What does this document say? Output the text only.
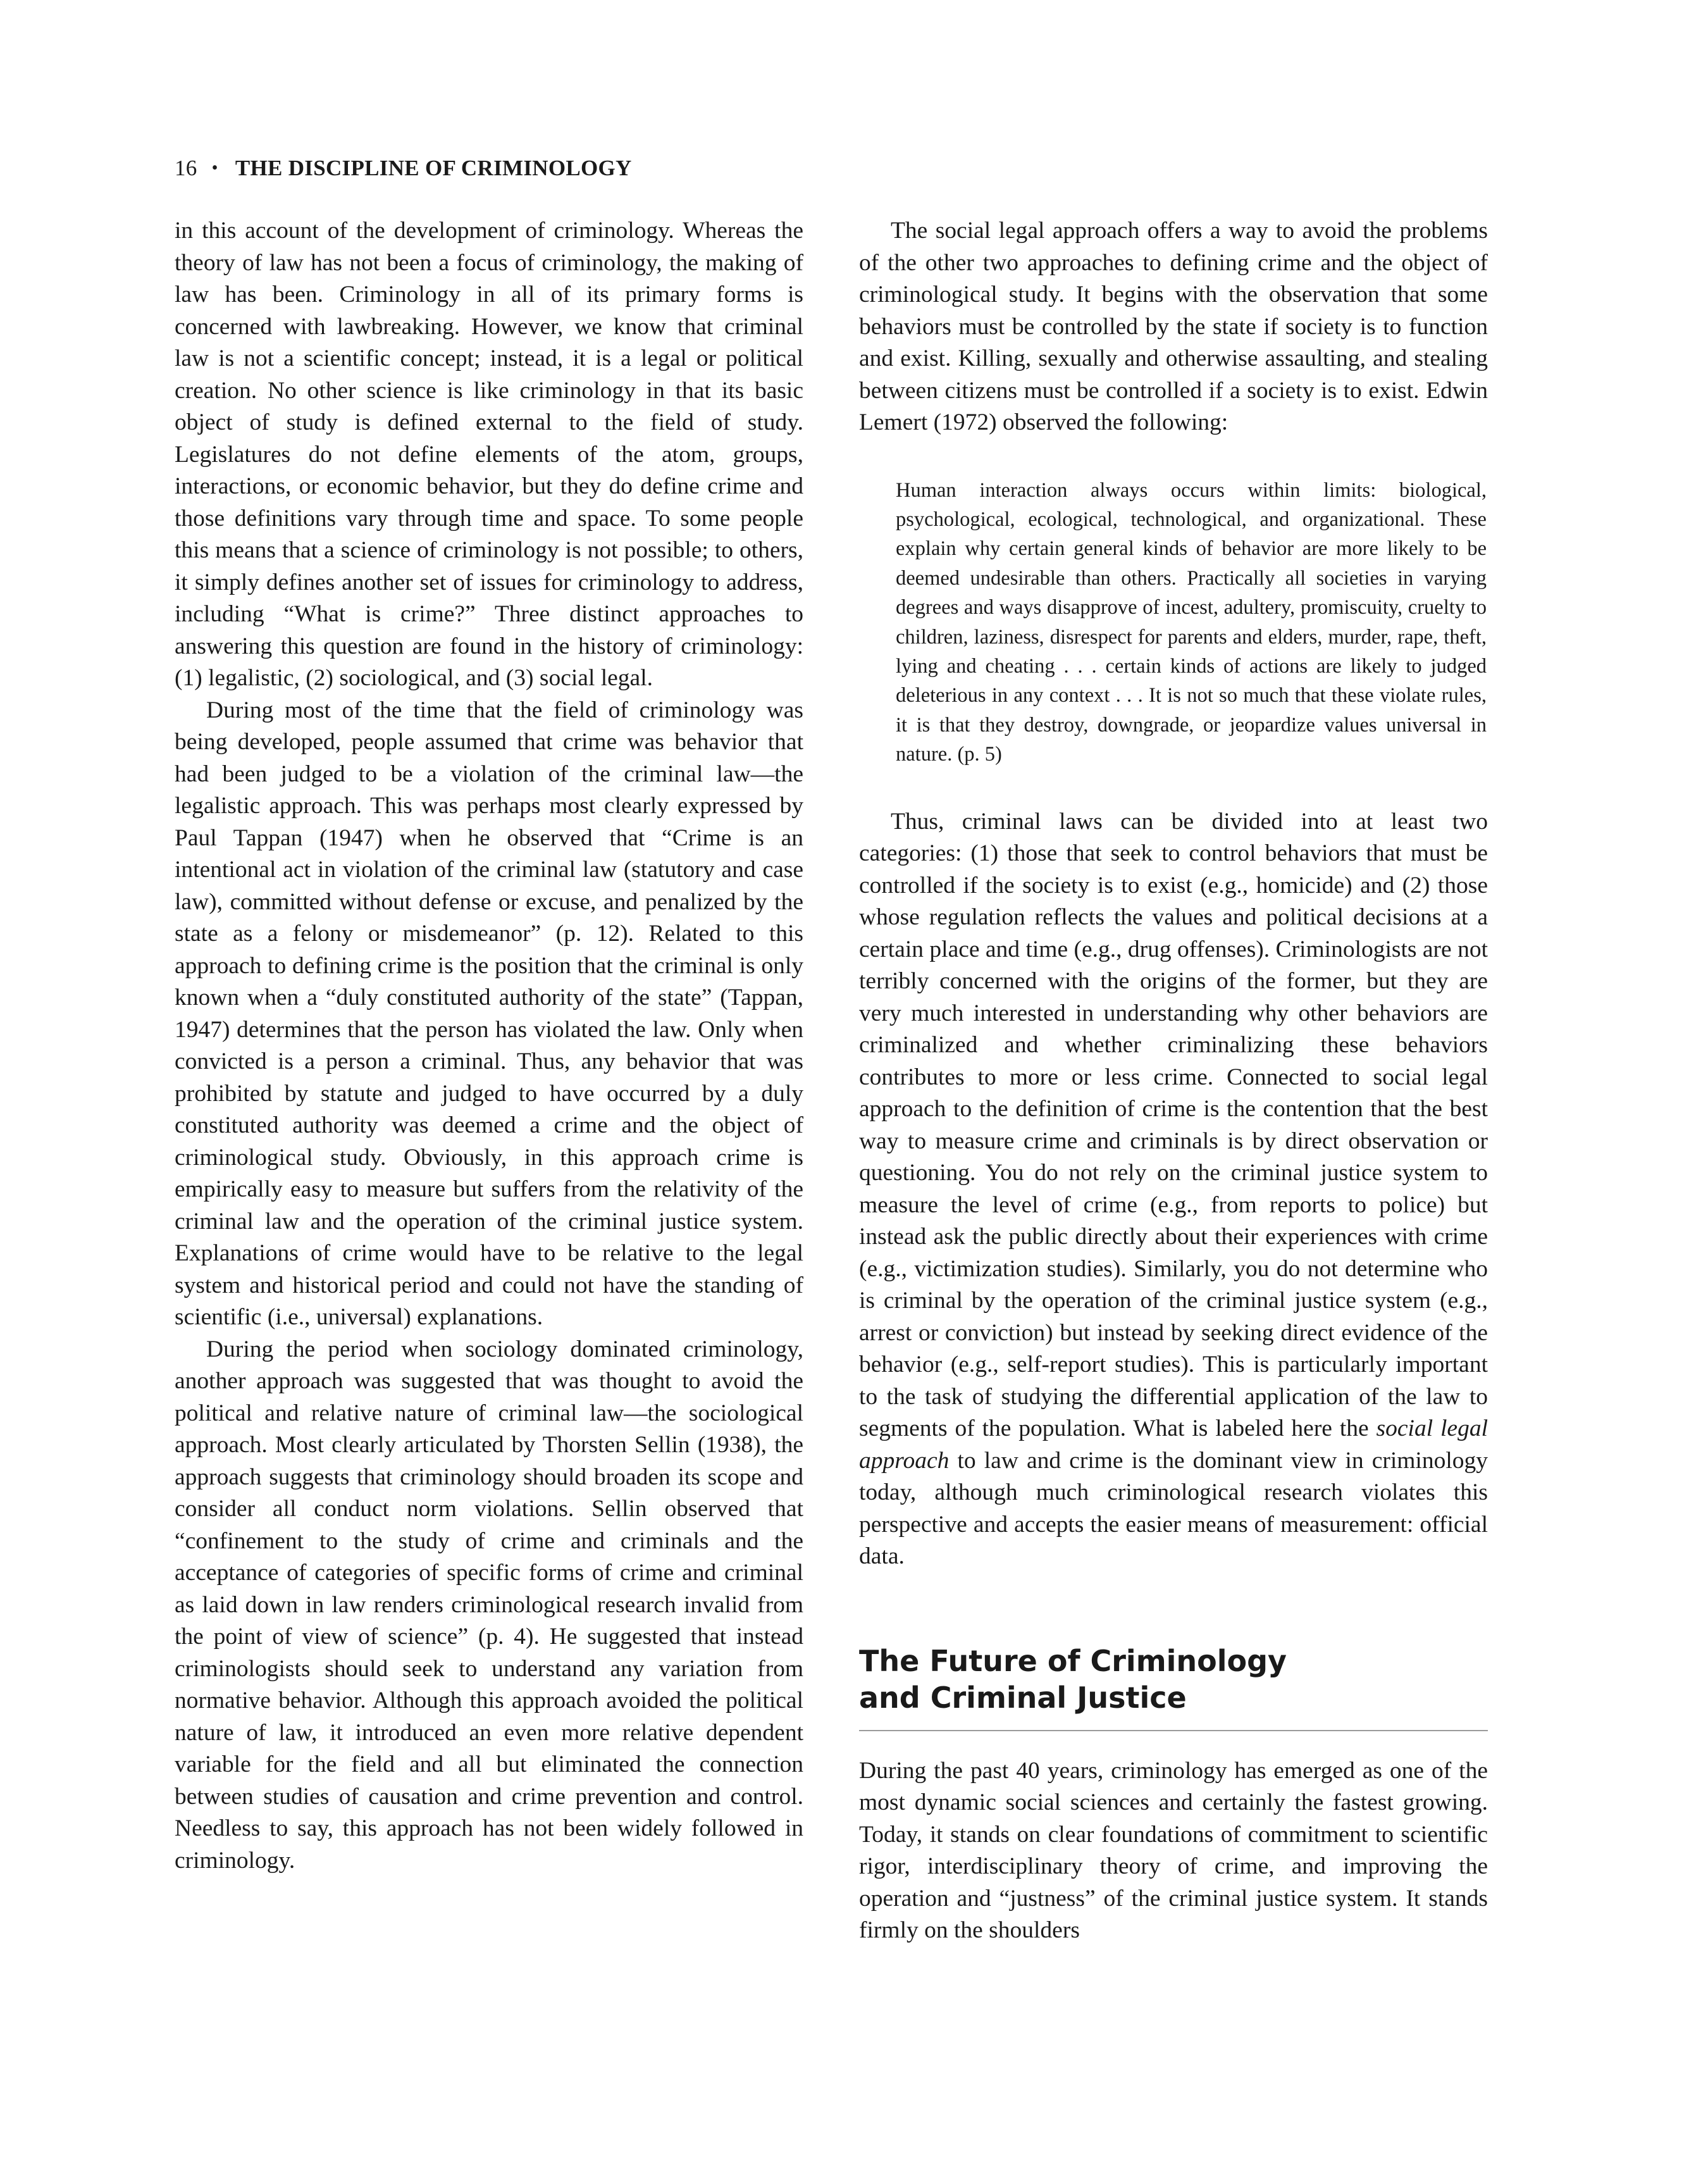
16 • THE DISCIPLINE OF CRIMINOLOGY

in this account of the development of criminology. Whereas the theory of law has not been a focus of criminology, the making of law has been. Criminology in all of its primary forms is concerned with lawbreaking. However, we know that criminal law is not a scientific concept; instead, it is a legal or political creation. No other science is like criminology in that its basic object of study is defined external to the field of study. Legislatures do not define elements of the atom, groups, interactions, or economic behavior, but they do define crime and those definitions vary through time and space. To some people this means that a science of criminology is not possible; to others, it simply defines another set of issues for criminology to address, including “What is crime?” Three distinct approaches to answering this question are found in the history of criminology: (1) legalistic, (2) sociological, and (3) social legal.

During most of the time that the field of criminology was being developed, people assumed that crime was behavior that had been judged to be a violation of the criminal law—the legalistic approach. This was perhaps most clearly expressed by Paul Tappan (1947) when he observed that “Crime is an intentional act in violation of the criminal law (statutory and case law), committed without defense or excuse, and penalized by the state as a felony or misdemeanor” (p. 12). Related to this approach to defining crime is the position that the criminal is only known when a “duly constituted authority of the state” (Tappan, 1947) determines that the person has violated the law. Only when convicted is a person a criminal. Thus, any behavior that was prohibited by statute and judged to have occurred by a duly constituted authority was deemed a crime and the object of criminological study. Obviously, in this approach crime is empirically easy to measure but suffers from the relativity of the criminal law and the operation of the criminal justice system. Explanations of crime would have to be relative to the legal system and historical period and could not have the standing of scientific (i.e., universal) explanations.

During the period when sociology dominated criminology, another approach was suggested that was thought to avoid the political and relative nature of criminal law—the sociological approach. Most clearly articulated by Thorsten Sellin (1938), the approach suggests that criminology should broaden its scope and consider all conduct norm violations. Sellin observed that “confinement to the study of crime and criminals and the acceptance of categories of specific forms of crime and criminal as laid down in law renders criminological research invalid from the point of view of science” (p. 4). He suggested that instead criminologists should seek to understand any variation from normative behavior. Although this approach avoided the political nature of law, it introduced an even more relative dependent variable for the field and all but eliminated the connection between studies of causation and crime prevention and control. Needless to say, this approach has not been widely followed in criminology.

The social legal approach offers a way to avoid the problems of the other two approaches to defining crime and the object of criminological study. It begins with the observation that some behaviors must be controlled by the state if society is to function and exist. Killing, sexually and otherwise assaulting, and stealing between citizens must be controlled if a society is to exist. Edwin Lemert (1972) observed the following:

Human interaction always occurs within limits: biological, psychological, ecological, technological, and organizational. These explain why certain general kinds of behavior are more likely to be deemed undesirable than others. Practically all societies in varying degrees and ways disapprove of incest, adultery, promiscuity, cruelty to children, laziness, disrespect for parents and elders, murder, rape, theft, lying and cheating . . . certain kinds of actions are likely to judged deleterious in any context . . . It is not so much that these violate rules, it is that they destroy, downgrade, or jeopardize values universal in nature. (p. 5)

Thus, criminal laws can be divided into at least two categories: (1) those that seek to control behaviors that must be controlled if the society is to exist (e.g., homicide) and (2) those whose regulation reflects the values and political decisions at a certain place and time (e.g., drug offenses). Criminologists are not terribly concerned with the origins of the former, but they are very much interested in understanding why other behaviors are criminalized and whether criminalizing these behaviors contributes to more or less crime. Connected to social legal approach to the definition of crime is the contention that the best way to measure crime and criminals is by direct observation or questioning. You do not rely on the criminal justice system to measure the level of crime (e.g., from reports to police) but instead ask the public directly about their experiences with crime (e.g., victimization studies). Similarly, you do not determine who is criminal by the operation of the criminal justice system (e.g., arrest or conviction) but instead by seeking direct evidence of the behavior (e.g., self-report studies). This is particularly important to the task of studying the differential application of the law to segments of the population. What is labeled here the social legal approach to law and crime is the dominant view in criminology today, although much criminological research violates this perspective and accepts the easier means of measurement: official data.

The Future of Criminology
and Criminal Justice

During the past 40 years, criminology has emerged as one of the most dynamic social sciences and certainly the fastest growing. Today, it stands on clear foundations of commitment to scientific rigor, interdisciplinary theory of crime, and improving the operation and “justness” of the criminal justice system. It stands firmly on the shoulders
